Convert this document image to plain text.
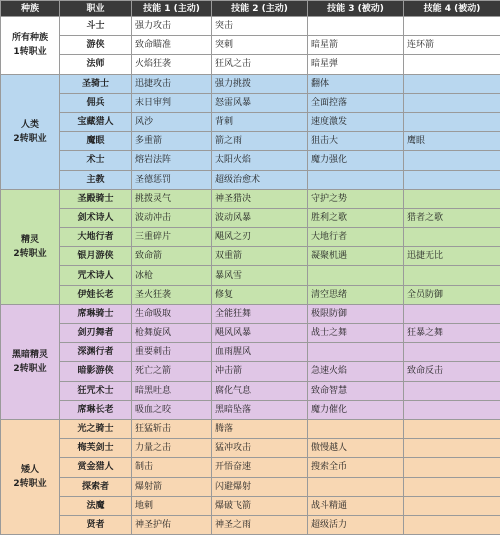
种族	职业	技能 1 (主动)	技能 2 (主动)	技能 3 (被动)	技能 4 (被动)
所有种族
1转职业	斗士	强力攻击	突击		
	游侠	致命瞄准	突刺	暗星箭	连环箭
	法师	火焰狂袭	狂风之击	暗星弹	
人类
2转职业	圣骑士	迅捷攻击	强力挑拨	翻体	
	佣兵	末日审判	怒雷风暴	全面控落	
	宝藏猎人	风沙	背刺	速度激发	
	魔眼	多重箭	箭之雨	狙击大	鹰眼
	术士	熔岩法阵	太阳火焰	魔力强化	
	主教	圣德惩罚	超级治愈术		
精灵
2转职业	圣殿骑士	挑拨灵气	神圣猎决	守护之势	
	剑术诗人	波动冲击	波动风暴	胜利之歌	猎者之歌
	大地行者	三重碎片	飓风之刃	大地行者	
	银月游侠	致命箭	双重箭	凝聚机遇	迅捷无比
	咒术诗人	冰枪	暴风雪		
	伊娃长老	圣火狂袭	修复	清空思绪	全员防御
黑暗精灵
2转职业	席琳骑士	生命吸取	全能狂舞	极限防御	
	剑刃舞者	枪舞旋风	飓风风暴	战士之舞	狂暴之舞
	深渊行者	重要刺击	血雨腥风		
	暗影游侠	死亡之箭	冲击箭	急速火焰	致命反击
	狂咒术士	暗黑吐息	腐化气息	致命智慧	
	席琳长老	吸血之咬	黑暗坠落	魔力催化	
矮人
2转职业	光之骑士	狂猛斩击	腾落		
	梅芙剑士	力量之击	猛冲攻击	傲慢越人	
	赏金猎人	制击	开悟奋速	搜索全币	
	探索者	爆射箭	闪避爆射		
	法魔	地刺	爆破飞箭	战斗精通	
	贤者	神圣护佑	神圣之雨	超级活力	
